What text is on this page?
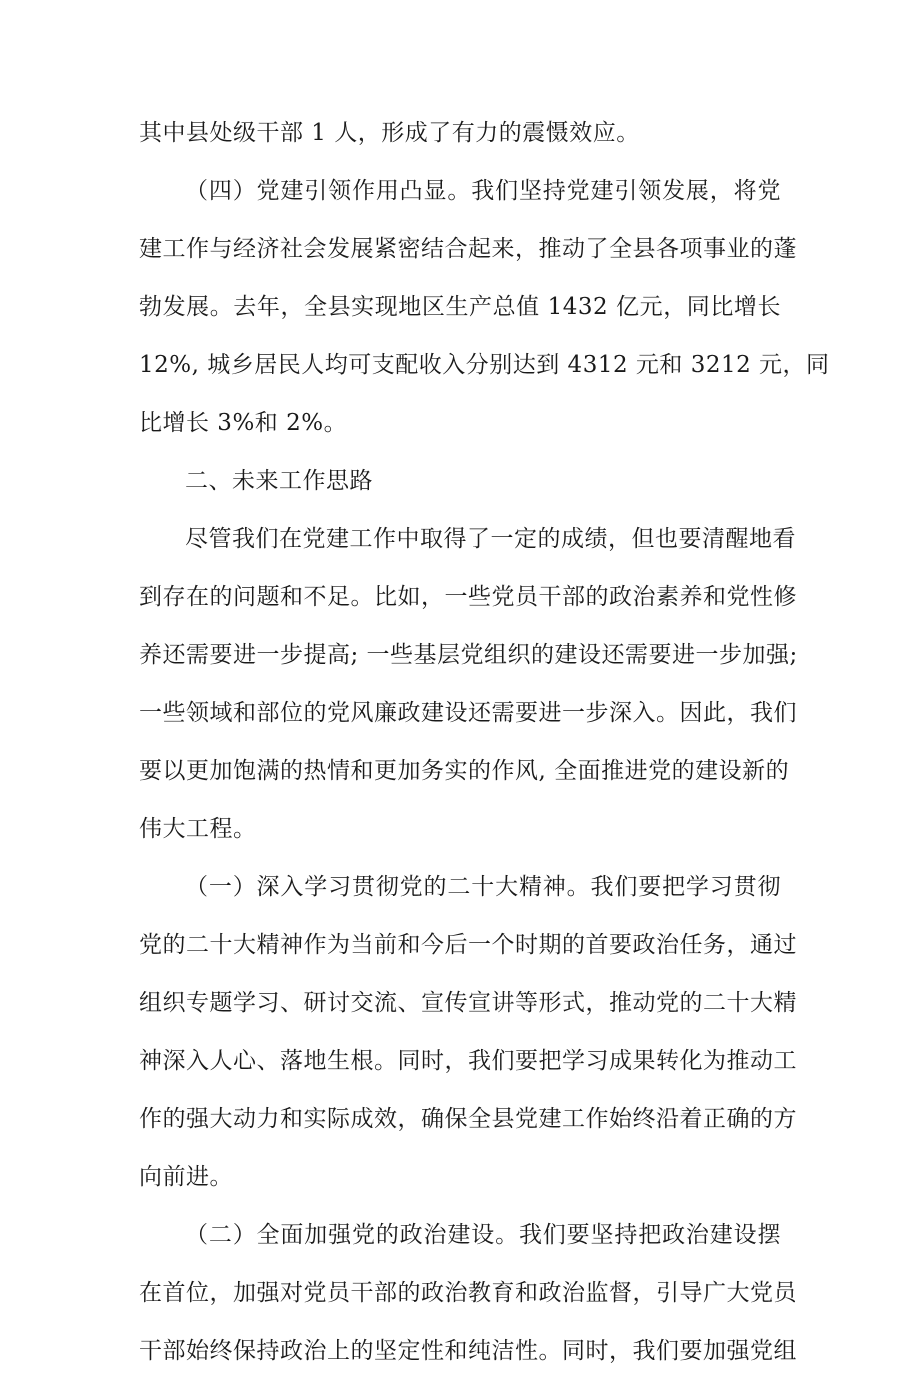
其中县处级干部 1 人，形成了有力的震慑效应。
（四）党建引领作用凸显。我们坚持党建引领发展，将党
建工作与经济社会发展紧密结合起来，推动了全县各项事业的蓬
勃发展。去年，全县实现地区生产总值 1432 亿元，同比增长
12%, 城乡居民人均可支配收入分别达到 4312 元和 3212 元，同
比增长 3%和 2%。
二、未来工作思路
尽管我们在党建工作中取得了一定的成绩，但也要清醒地看
到存在的问题和不足。比如，一些党员干部的政治素养和党性修
养还需要进一步提高; 一些基层党组织的建设还需要进一步加强;
一些领域和部位的党风廉政建设还需要进一步深入。因此，我们
要以更加饱满的热情和更加务实的作风, 全面推进党的建设新的
伟大工程。
（一）深入学习贯彻党的二十大精神。我们要把学习贯彻
党的二十大精神作为当前和今后一个时期的首要政治任务，通过
组织专题学习、研讨交流、宣传宣讲等形式，推动党的二十大精
神深入人心、落地生根。同时，我们要把学习成果转化为推动工
作的强大动力和实际成效，确保全县党建工作始终沿着正确的方
向前进。
（二）全面加强党的政治建设。我们要坚持把政治建设摆
在首位，加强对党员干部的政治教育和政治监督，引导广大党员
干部始终保持政治上的坚定性和纯洁性。同时，我们要加强党组
